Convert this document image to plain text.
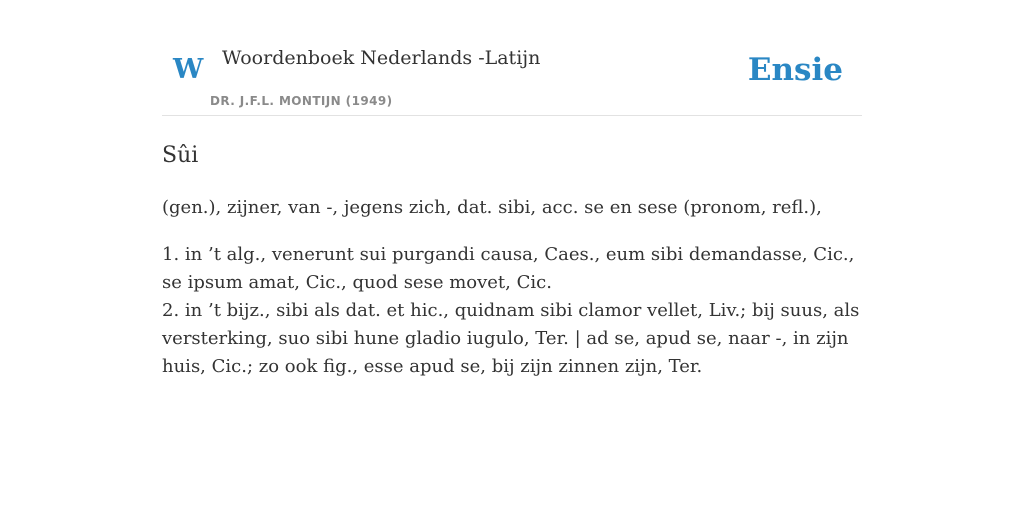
W Woordenboek Nederlands -Latijn
DR. J.F.L. MONTIJN (1949)
Ensie
Sûi
(gen.), zijner, van -, jegens zich, dat. sibi, acc. se en sese (pronom, refl.),

1. in ’t alg., venerunt sui purgandi causa, Caes., eum sibi demandasse, Cic., se ipsum amat, Cic., quod sese movet, Cic.

2. in ’t bijz., sibi als dat. et hic., quidnam sibi clamor vellet, Liv.; bij suus, als versterking, suo sibi hune gladio iugulo, Ter. | ad se, apud se, naar -, in zijn huis, Cic.; zo ook fig., esse apud se, bij zijn zinnen zijn, Ter.
